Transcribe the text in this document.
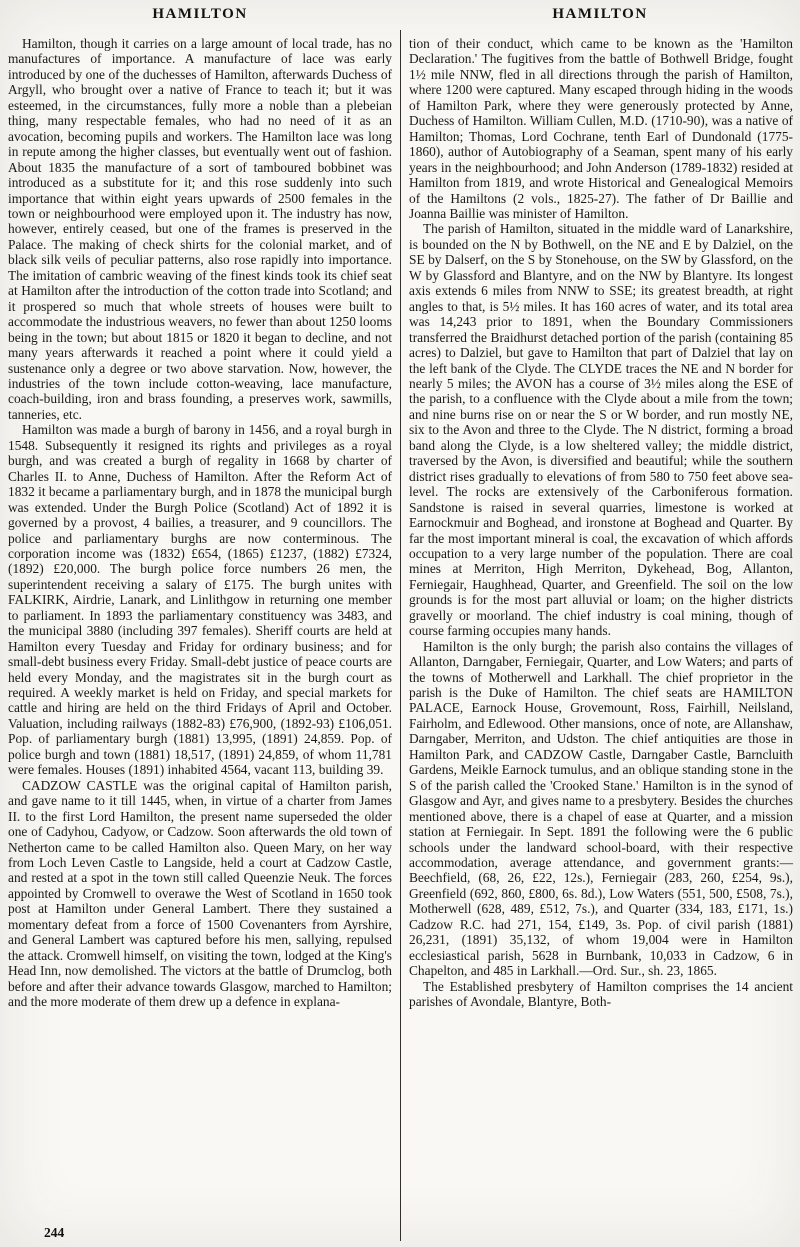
HAMILTON	HAMILTON

Hamilton, though it carries on a large amount of local trade, has no manufactures of importance. A manufacture of lace was early introduced by one of the duchesses of Hamilton, afterwards Duchess of Argyll, who brought over a native of France to teach it; but it was esteemed, in the circumstances, fully more a noble than a plebeian thing, many respectable females, who had no need of it as an avocation, becoming pupils and workers. The Hamilton lace was long in repute among the higher classes, but eventually went out of fashion. About 1835 the manufacture of a sort of tamboured bobbinet was introduced as a substitute for it; and this rose suddenly into such importance that within eight years upwards of 2500 females in the town or neighbourhood were employed upon it. The industry has now, however, entirely ceased, but one of the frames is preserved in the Palace. The making of check shirts for the colonial market, and of black silk veils of peculiar patterns, also rose rapidly into importance. The imitation of cambric weaving of the finest kinds took its chief seat at Hamilton after the introduction of the cotton trade into Scotland; and it prospered so much that whole streets of houses were built to accommodate the industrious weavers, no fewer than about 1250 looms being in the town; but about 1815 or 1820 it began to decline, and not many years afterwards it reached a point where it could yield a sustenance only a degree or two above starvation. Now, however, the industries of the town include cotton-weaving, lace manufacture, coach-building, iron and brass founding, a preserves work, sawmills, tanneries, etc.

Hamilton was made a burgh of barony in 1456, and a royal burgh in 1548. Subsequently it resigned its rights and privileges as a royal burgh, and was created a burgh of regality in 1668 by charter of Charles II. to Anne, Duchess of Hamilton. After the Reform Act of 1832 it became a parliamentary burgh, and in 1878 the municipal burgh was extended. Under the Burgh Police (Scotland) Act of 1892 it is governed by a provost, 4 bailies, a treasurer, and 9 councillors. The police and parliamentary burghs are now conterminous. The corporation income was (1832) £654, (1865) £1237, (1882) £7324, (1892) £20,000. The burgh police force numbers 26 men, the superintendent receiving a salary of £175. The burgh unites with FALKIRK, Airdrie, Lanark, and Linlithgow in returning one member to parliament. In 1893 the parliamentary constituency was 3483, and the municipal 3880 (including 397 females). Sheriff courts are held at Hamilton every Tuesday and Friday for ordinary business; and for small-debt business every Friday. Small-debt justice of peace courts are held every Monday, and the magistrates sit in the burgh court as required. A weekly market is held on Friday, and special markets for cattle and hiring are held on the third Fridays of April and October. Valuation, including railways (1882-83) £76,900, (1892-93) £106,051. Pop. of parliamentary burgh (1881) 13,995, (1891) 24,859. Pop. of police burgh and town (1881) 18,517, (1891) 24,859, of whom 11,781 were females. Houses (1891) inhabited 4564, vacant 113, building 39.

CADZOW CASTLE was the original capital of Hamilton parish, and gave name to it till 1445, when, in virtue of a charter from James II. to the first Lord Hamilton, the present name superseded the older one of Cadyhou, Cadyow, or Cadzow. Soon afterwards the old town of Netherton came to be called Hamilton also. Queen Mary, on her way from Loch Leven Castle to Langside, held a court at Cadzow Castle, and rested at a spot in the town still called Queenzie Neuk. The forces appointed by Cromwell to overawe the West of Scotland in 1650 took post at Hamilton under General Lambert. There they sustained a momentary defeat from a force of 1500 Covenanters from Ayrshire, and General Lambert was captured before his men, sallying, repulsed the attack. Cromwell himself, on visiting the town, lodged at the King's Head Inn, now demolished. The victors at the battle of Drumclog, both before and after their advance towards Glasgow, marched to Hamilton; and the more moderate of them drew up a defence in explana-

tion of their conduct, which came to be known as the 'Hamilton Declaration.' The fugitives from the battle of Bothwell Bridge, fought 1½ mile NNW, fled in all directions through the parish of Hamilton, where 1200 were captured. Many escaped through hiding in the woods of Hamilton Park, where they were generously protected by Anne, Duchess of Hamilton. William Cullen, M.D. (1710-90), was a native of Hamilton; Thomas, Lord Cochrane, tenth Earl of Dundonald (1775-1860), author of Autobiography of a Seaman, spent many of his early years in the neighbourhood; and John Anderson (1789-1832) resided at Hamilton from 1819, and wrote Historical and Genealogical Memoirs of the Hamiltons (2 vols., 1825-27). The father of Dr Baillie and Joanna Baillie was minister of Hamilton.

The parish of Hamilton, situated in the middle ward of Lanarkshire, is bounded on the N by Bothwell, on the NE and E by Dalziel, on the SE by Dalserf, on the S by Stonehouse, on the SW by Glassford, on the W by Glassford and Blantyre, and on the NW by Blantyre. Its longest axis extends 6 miles from NNW to SSE; its greatest breadth, at right angles to that, is 5½ miles. It has 160 acres of water, and its total area was 14,243 prior to 1891, when the Boundary Commissioners transferred the Braidhurst detached portion of the parish (containing 85 acres) to Dalziel, but gave to Hamilton that part of Dalziel that lay on the left bank of the Clyde. The CLYDE traces the NE and N border for nearly 5 miles; the AVON has a course of 3½ miles along the ESE of the parish, to a confluence with the Clyde about a mile from the town; and nine burns rise on or near the S or W border, and run mostly NE, six to the Avon and three to the Clyde. The N district, forming a broad band along the Clyde, is a low sheltered valley; the middle district, traversed by the Avon, is diversified and beautiful; while the southern district rises gradually to elevations of from 580 to 750 feet above sea-level. The rocks are extensively of the Carboniferous formation. Sandstone is raised in several quarries, limestone is worked at Earnockmuir and Boghead, and ironstone at Boghead and Quarter. By far the most important mineral is coal, the excavation of which affords occupation to a very large number of the population. There are coal mines at Merriton, High Merriton, Dykehead, Bog, Allanton, Ferniegair, Haughhead, Quarter, and Greenfield. The soil on the low grounds is for the most part alluvial or loam; on the higher districts gravelly or moorland. The chief industry is coal mining, though of course farming occupies many hands.

Hamilton is the only burgh; the parish also contains the villages of Allanton, Darngaber, Ferniegair, Quarter, and Low Waters; and parts of the towns of Motherwell and Larkhall. The chief proprietor in the parish is the Duke of Hamilton. The chief seats are HAMILTON PALACE, Earnock House, Grovemount, Ross, Fairhill, Neilsland, Fairholm, and Edlewood. Other mansions, once of note, are Allanshaw, Darngaber, Merriton, and Udston. The chief antiquities are those in Hamilton Park, and CADZOW Castle, Darngaber Castle, Barncluith Gardens, Meikle Earnock tumulus, and an oblique standing stone in the S of the parish called the 'Crooked Stane.' Hamilton is in the synod of Glasgow and Ayr, and gives name to a presbytery. Besides the churches mentioned above, there is a chapel of ease at Quarter, and a mission station at Ferniegair. In Sept. 1891 the following were the 6 public schools under the landward school-board, with their respective accommodation, average attendance, and government grants:—Beechfield, (68, 26, £22, 12s.), Ferniegair (283, 260, £254, 9s.), Greenfield (692, 860, £800, 6s. 8d.), Low Waters (551, 500, £508, 7s.), Motherwell (628, 489, £512, 7s.), and Quarter (334, 183, £171, 1s.) Cadzow R.C. had 271, 154, £149, 3s. Pop. of civil parish (1881) 26,231, (1891) 35,132, of whom 19,004 were in Hamilton ecclesiastical parish, 5628 in Burnbank, 10,033 in Cadzow, 6 in Chapelton, and 485 in Larkhall.—Ord. Sur., sh. 23, 1865.

The Established presbytery of Hamilton comprises the 14 ancient parishes of Avondale, Blantyre, Both-

244
